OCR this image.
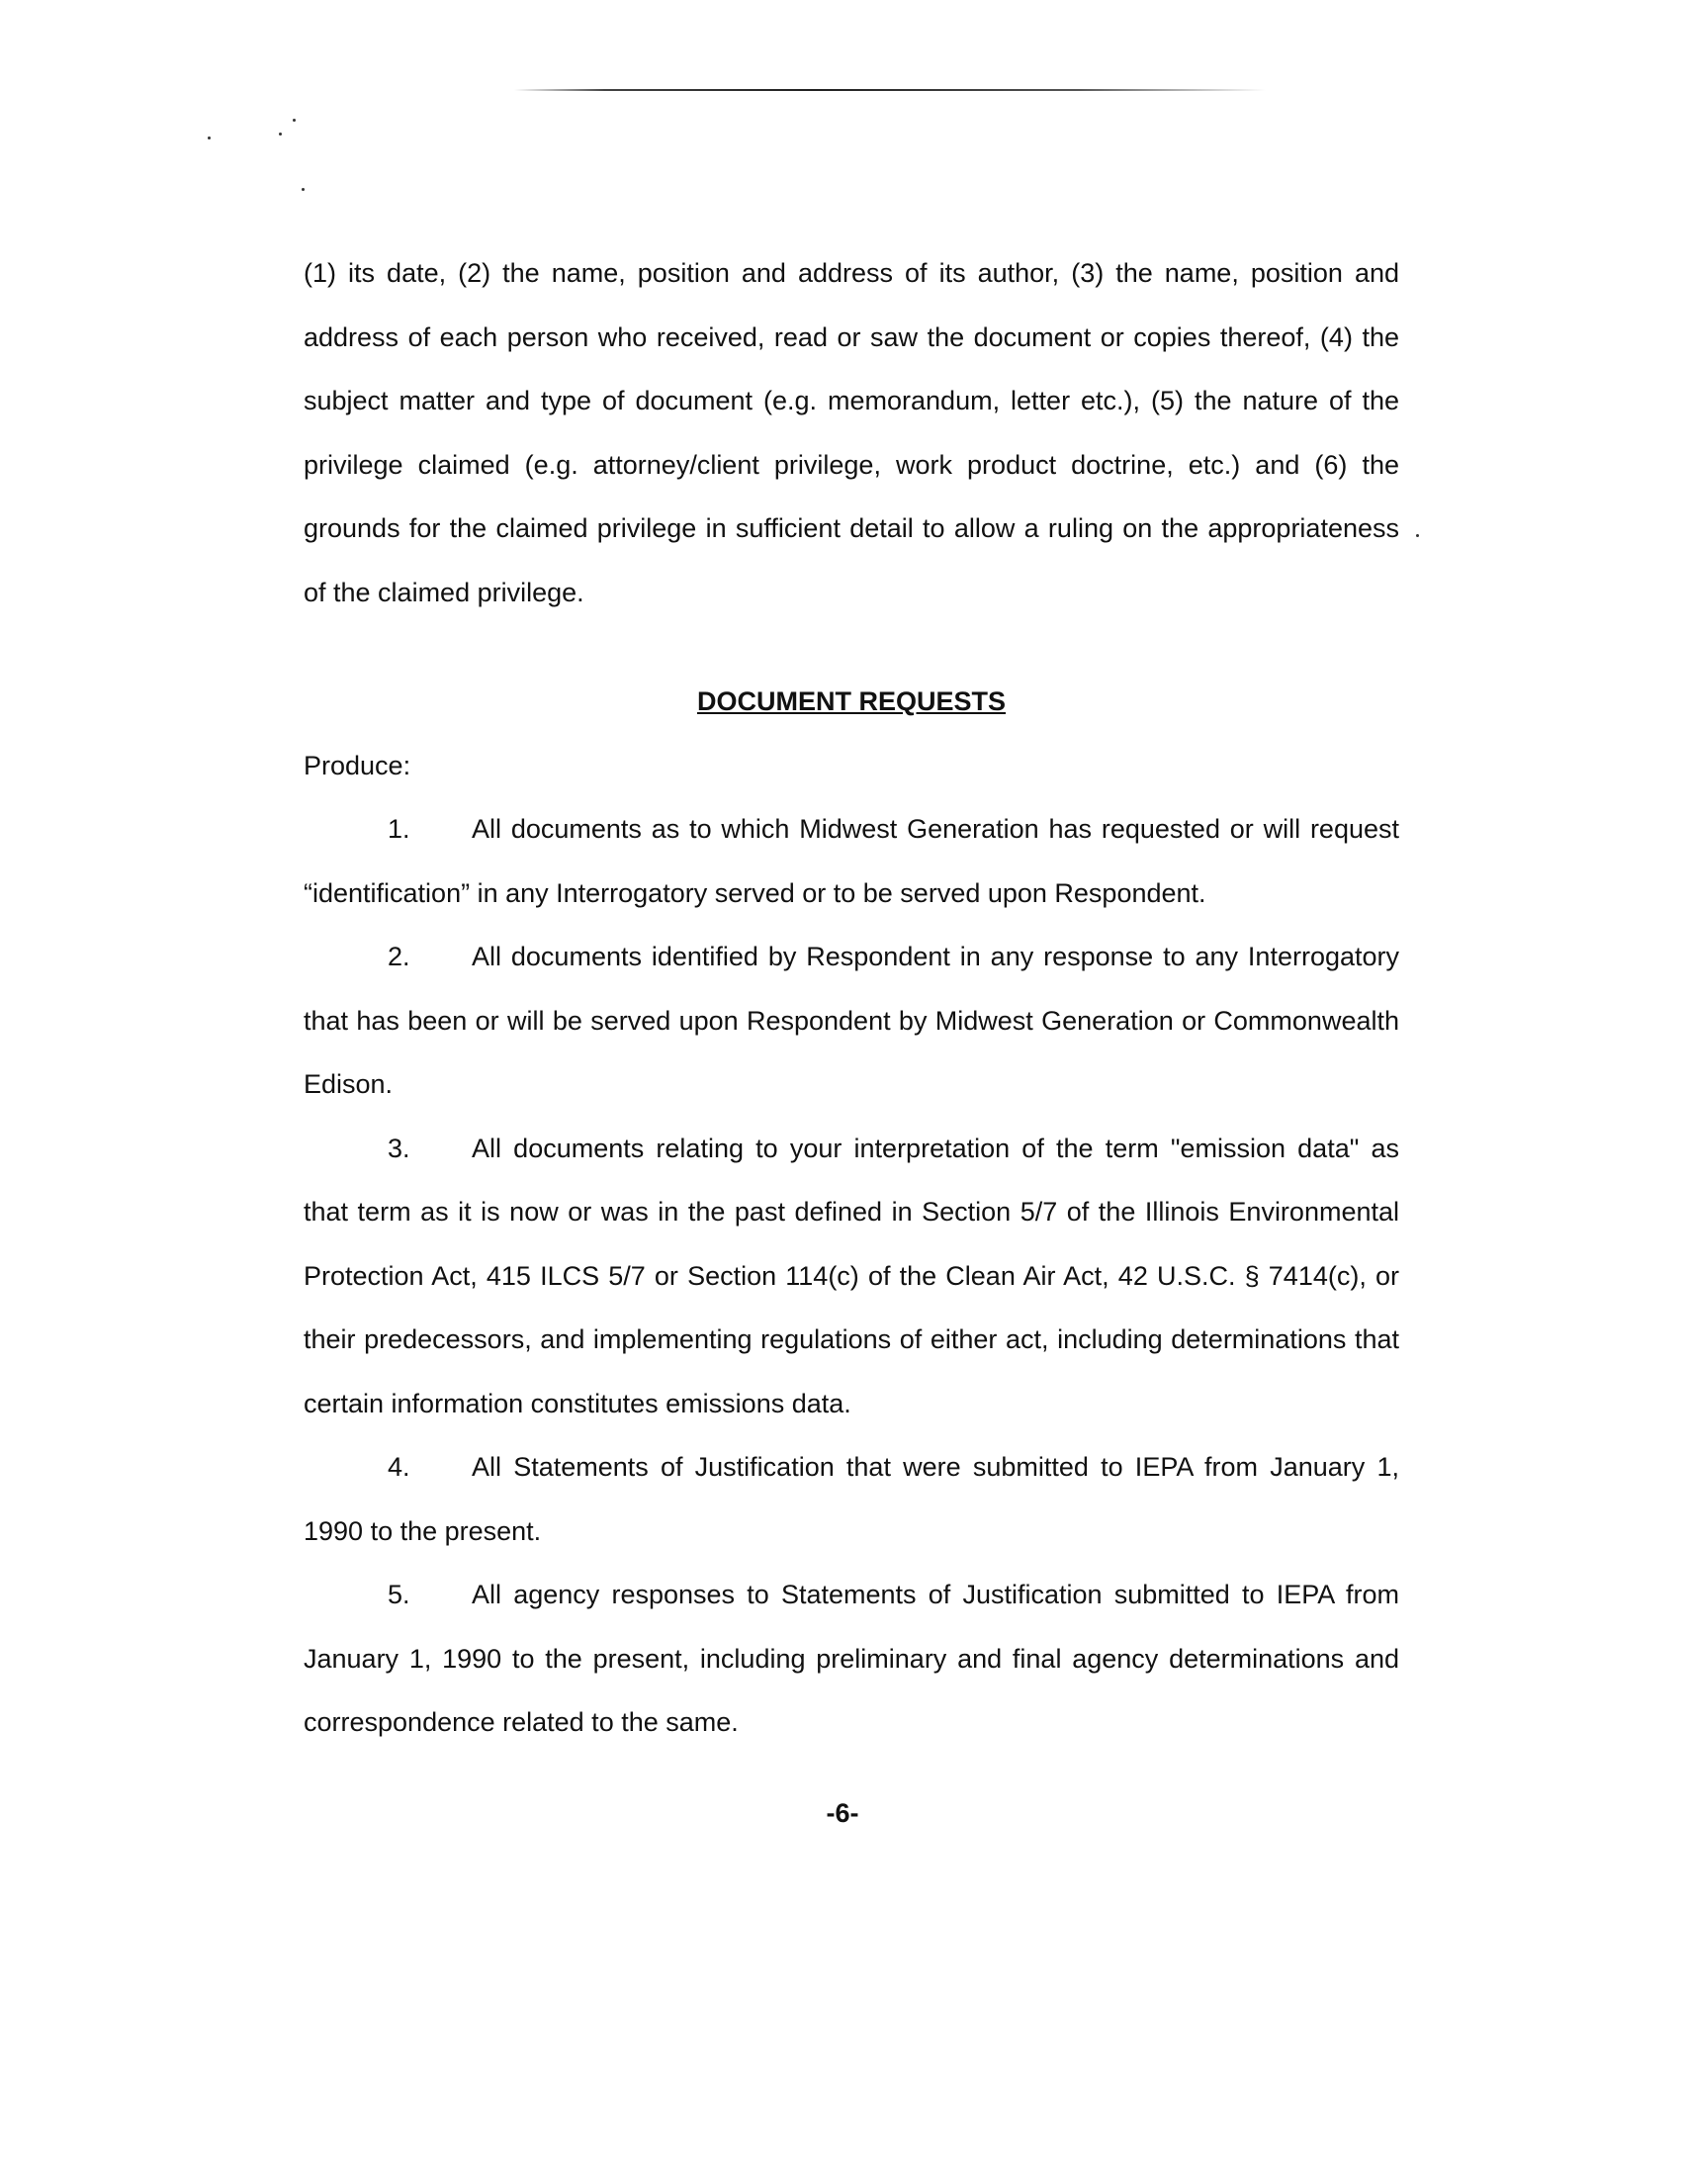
(1) its date, (2) the name, position and address of its author, (3) the name, position and address of each person who received, read or saw the document or copies thereof, (4) the subject matter and type of document (e.g. memorandum, letter etc.), (5) the nature of the privilege claimed (e.g. attorney/client privilege, work product doctrine, etc.) and (6) the grounds for the claimed privilege in sufficient detail to allow a ruling on the appropriateness of the claimed privilege.

DOCUMENT REQUESTS

Produce:

1. All documents as to which Midwest Generation has requested or will request “identification” in any Interrogatory served or to be served upon Respondent.

2. All documents identified by Respondent in any response to any Interrogatory that has been or will be served upon Respondent by Midwest Generation or Commonwealth Edison.

3. All documents relating to your interpretation of the term "emission data" as that term as it is now or was in the past defined in Section 5/7 of the Illinois Environmental Protection Act, 415 ILCS 5/7 or Section 114(c) of the Clean Air Act, 42 U.S.C. § 7414(c), or their predecessors, and implementing regulations of either act, including determinations that certain information constitutes emissions data.

4. All Statements of Justification that were submitted to IEPA from January 1, 1990 to the present.

5. All agency responses to Statements of Justification submitted to IEPA from January 1, 1990 to the present, including preliminary and final agency determinations and correspondence related to the same.

-6-
